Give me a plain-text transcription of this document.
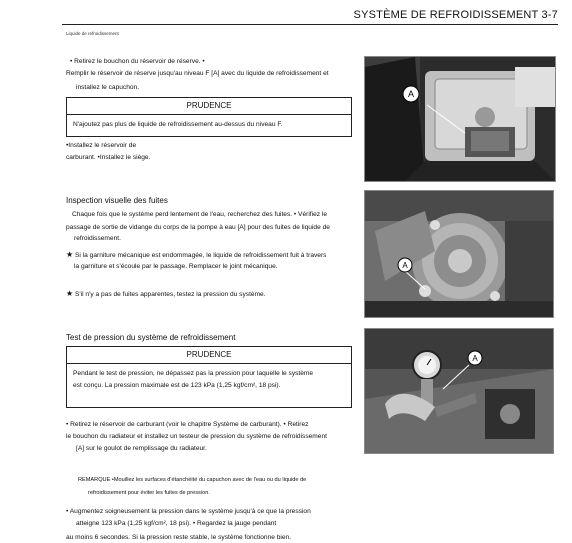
SYSTÈME DE REFROIDISSEMENT 3-7
Liquide de refroidissement
• Retirez le bouchon du réservoir de réserve. •
Remplir le réservoir de réserve jusqu'au niveau F [A] avec du liquide de refroidissement et
installez le capuchon.
PRUDENCE
N'ajoutez pas plus de liquide de refroidissement au-dessus du niveau F.
•Installez le réservoir de
carburant. •Installez le siège.
A
Inspection visuelle des fuites
Chaque fois que le système perd lentement de l'eau, recherchez des fuites. • Vérifiez le
passage de sortie de vidange du corps de la pompe à eau [A] pour des fuites de liquide de
refroidissement.
★ Si la garniture mécanique est endommagée, le liquide de refroidissement fuit à travers
la garniture et s'écoule par le passage. Remplacer le joint mécanique.
★ S'il n'y a pas de fuites apparentes, testez la pression du système.
A
Test de pression du système de refroidissement
PRUDENCE
Pendant le test de pression, ne dépassez pas la pression pour laquelle le système
est conçu. La pression maximale est de 123 kPa (1,25 kgf/cm², 18 psi).
• Retirez le réservoir de carburant (voir le chapitre Système de carburant). • Retirez
le bouchon du radiateur et installez un testeur de pression du système de refroidissement
[A] sur le goulot de remplissage du radiateur.
REMARQUE •Mouillez les surfaces d'étanchéité du capuchon avec de l'eau ou du liquide de
refroidissement pour éviter les fuites de pression.
• Augmentez soigneusement la pression dans le système jusqu'à ce que la pression
atteigne 123 kPa (1,25 kgf/cm², 18 psi). • Regardez la jauge pendant
au moins 6 secondes. Si la pression reste stable, le système fonctionne bien.
A
